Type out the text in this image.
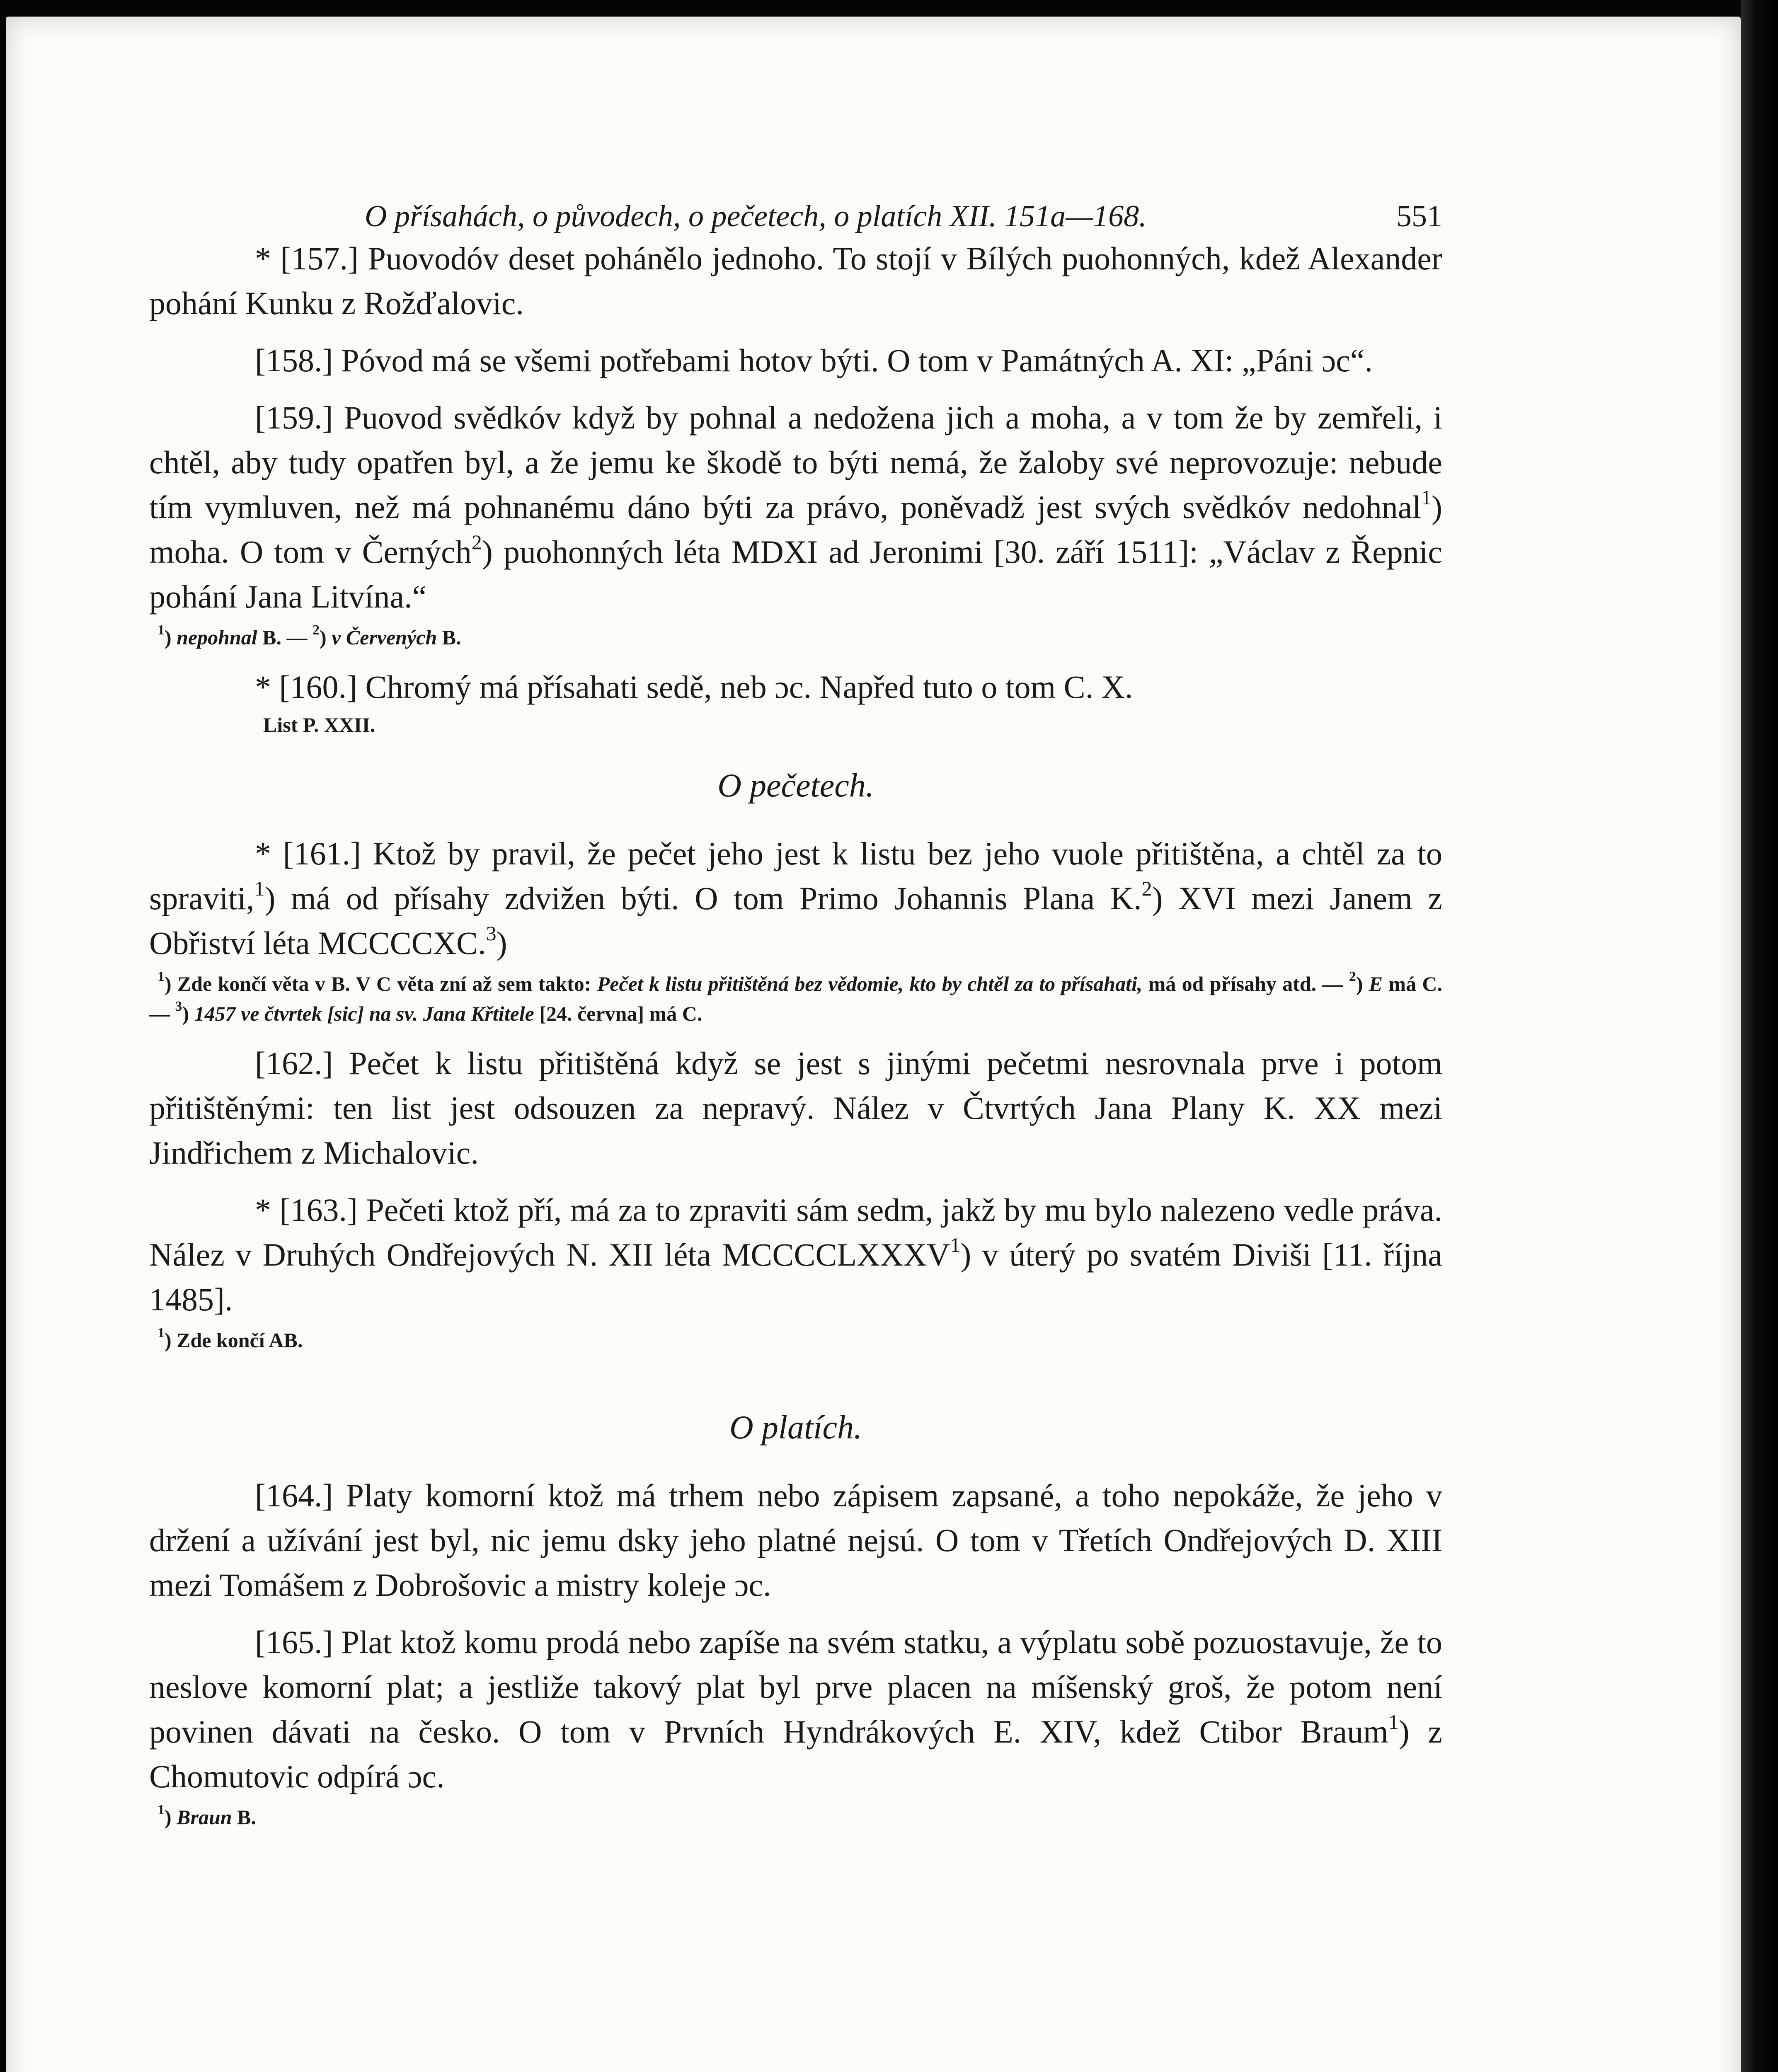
O přísahách, o původech, o pečetech, o platích XII. 151a—168.	551

* [157.] Puovodóv deset pohánělo jednoho. To stojí v Bílých puohonných, kdež Alexander pohání Kunku z Rožďalovic.

[158.] Póvod má se všemi potřebami hotov býti. O tom v Památných A. XI: „Páni ɔc“.

[159.] Puovod svědkóv když by pohnal a nedožena jich a moha, a v tom že by zemřeli, i chtěl, aby tudy opatřen byl, a že jemu ke škodě to býti nemá, že žaloby své neprovozuje: nebude tím vymluven, než má pohnanému dáno býti za právo, poněvadž jest svých svědkóv nedohnal$^1$) moha. O tom v Černých$^2$) puohonných léta MDXI ad Jeronimi [30. září 1511]: „Václav z Řepnic pohání Jana Litvína.“

$^1$) nepohnal B. — $^2$) v Červených B.

* [160.] Chromý má přísahati sedě, neb ɔc. Napřed tuto o tom C. X.

List P. XXII.

O pečetech.

* [161.] Ktož by pravil, že pečet jeho jest k listu bez jeho vuole přitištěna, a chtěl za to spraviti,$^1$) má od přísahy zdvižen býti. O tom Primo Johannis Plana K.$^2$) XVI mezi Janem z Obřiství léta MCCCCXC.$^3$)

$^1$) Zde končí věta v B. V C věta zní až sem takto: Pečet k listu přitištěná bez vědomie, kto by chtěl za to přísahati, má od přísahy atd. — $^2$) E má C. — $^3$) 1457 ve čtvrtek [sic] na sv. Jana Křtitele [24. června] má C.

[162.] Pečet k listu přitištěná když se jest s jinými pečetmi nesrovnala prve i potom přitištěnými: ten list jest odsouzen za nepravý. Nález v Čtvrtých Jana Plany K. XX mezi Jindřichem z Michalovic.

* [163.] Pečeti ktož pří, má za to zpraviti sám sedm, jakž by mu bylo nalezeno vedle práva. Nález v Druhých Ondřejových N. XII léta MCCCCLXXXV$^1$) v úterý po svatém Diviši [11. října 1485].

$^1$) Zde končí AB.

O platích.

[164.] Platy komorní ktož má trhem nebo zápisem zapsané, a toho nepokáže, že jeho v držení a užívání jest byl, nic jemu dsky jeho platné nejsú. O tom v Třetích Ondřejových D. XIII mezi Tomášem z Dobrošovic a mistry koleje ɔc.

[165.] Plat ktož komu prodá nebo zapíše na svém statku, a výplatu sobě pozuostavuje, že to neslove komorní plat; a jestliže takový plat byl prve placen na míšenský groš, že potom není povinen dávati na česko. O tom v Prvních Hyndrákových E. XIV, kdež Ctibor Braum$^1$) z Chomutovic odpírá ɔc.

$^1$) Braun B.
